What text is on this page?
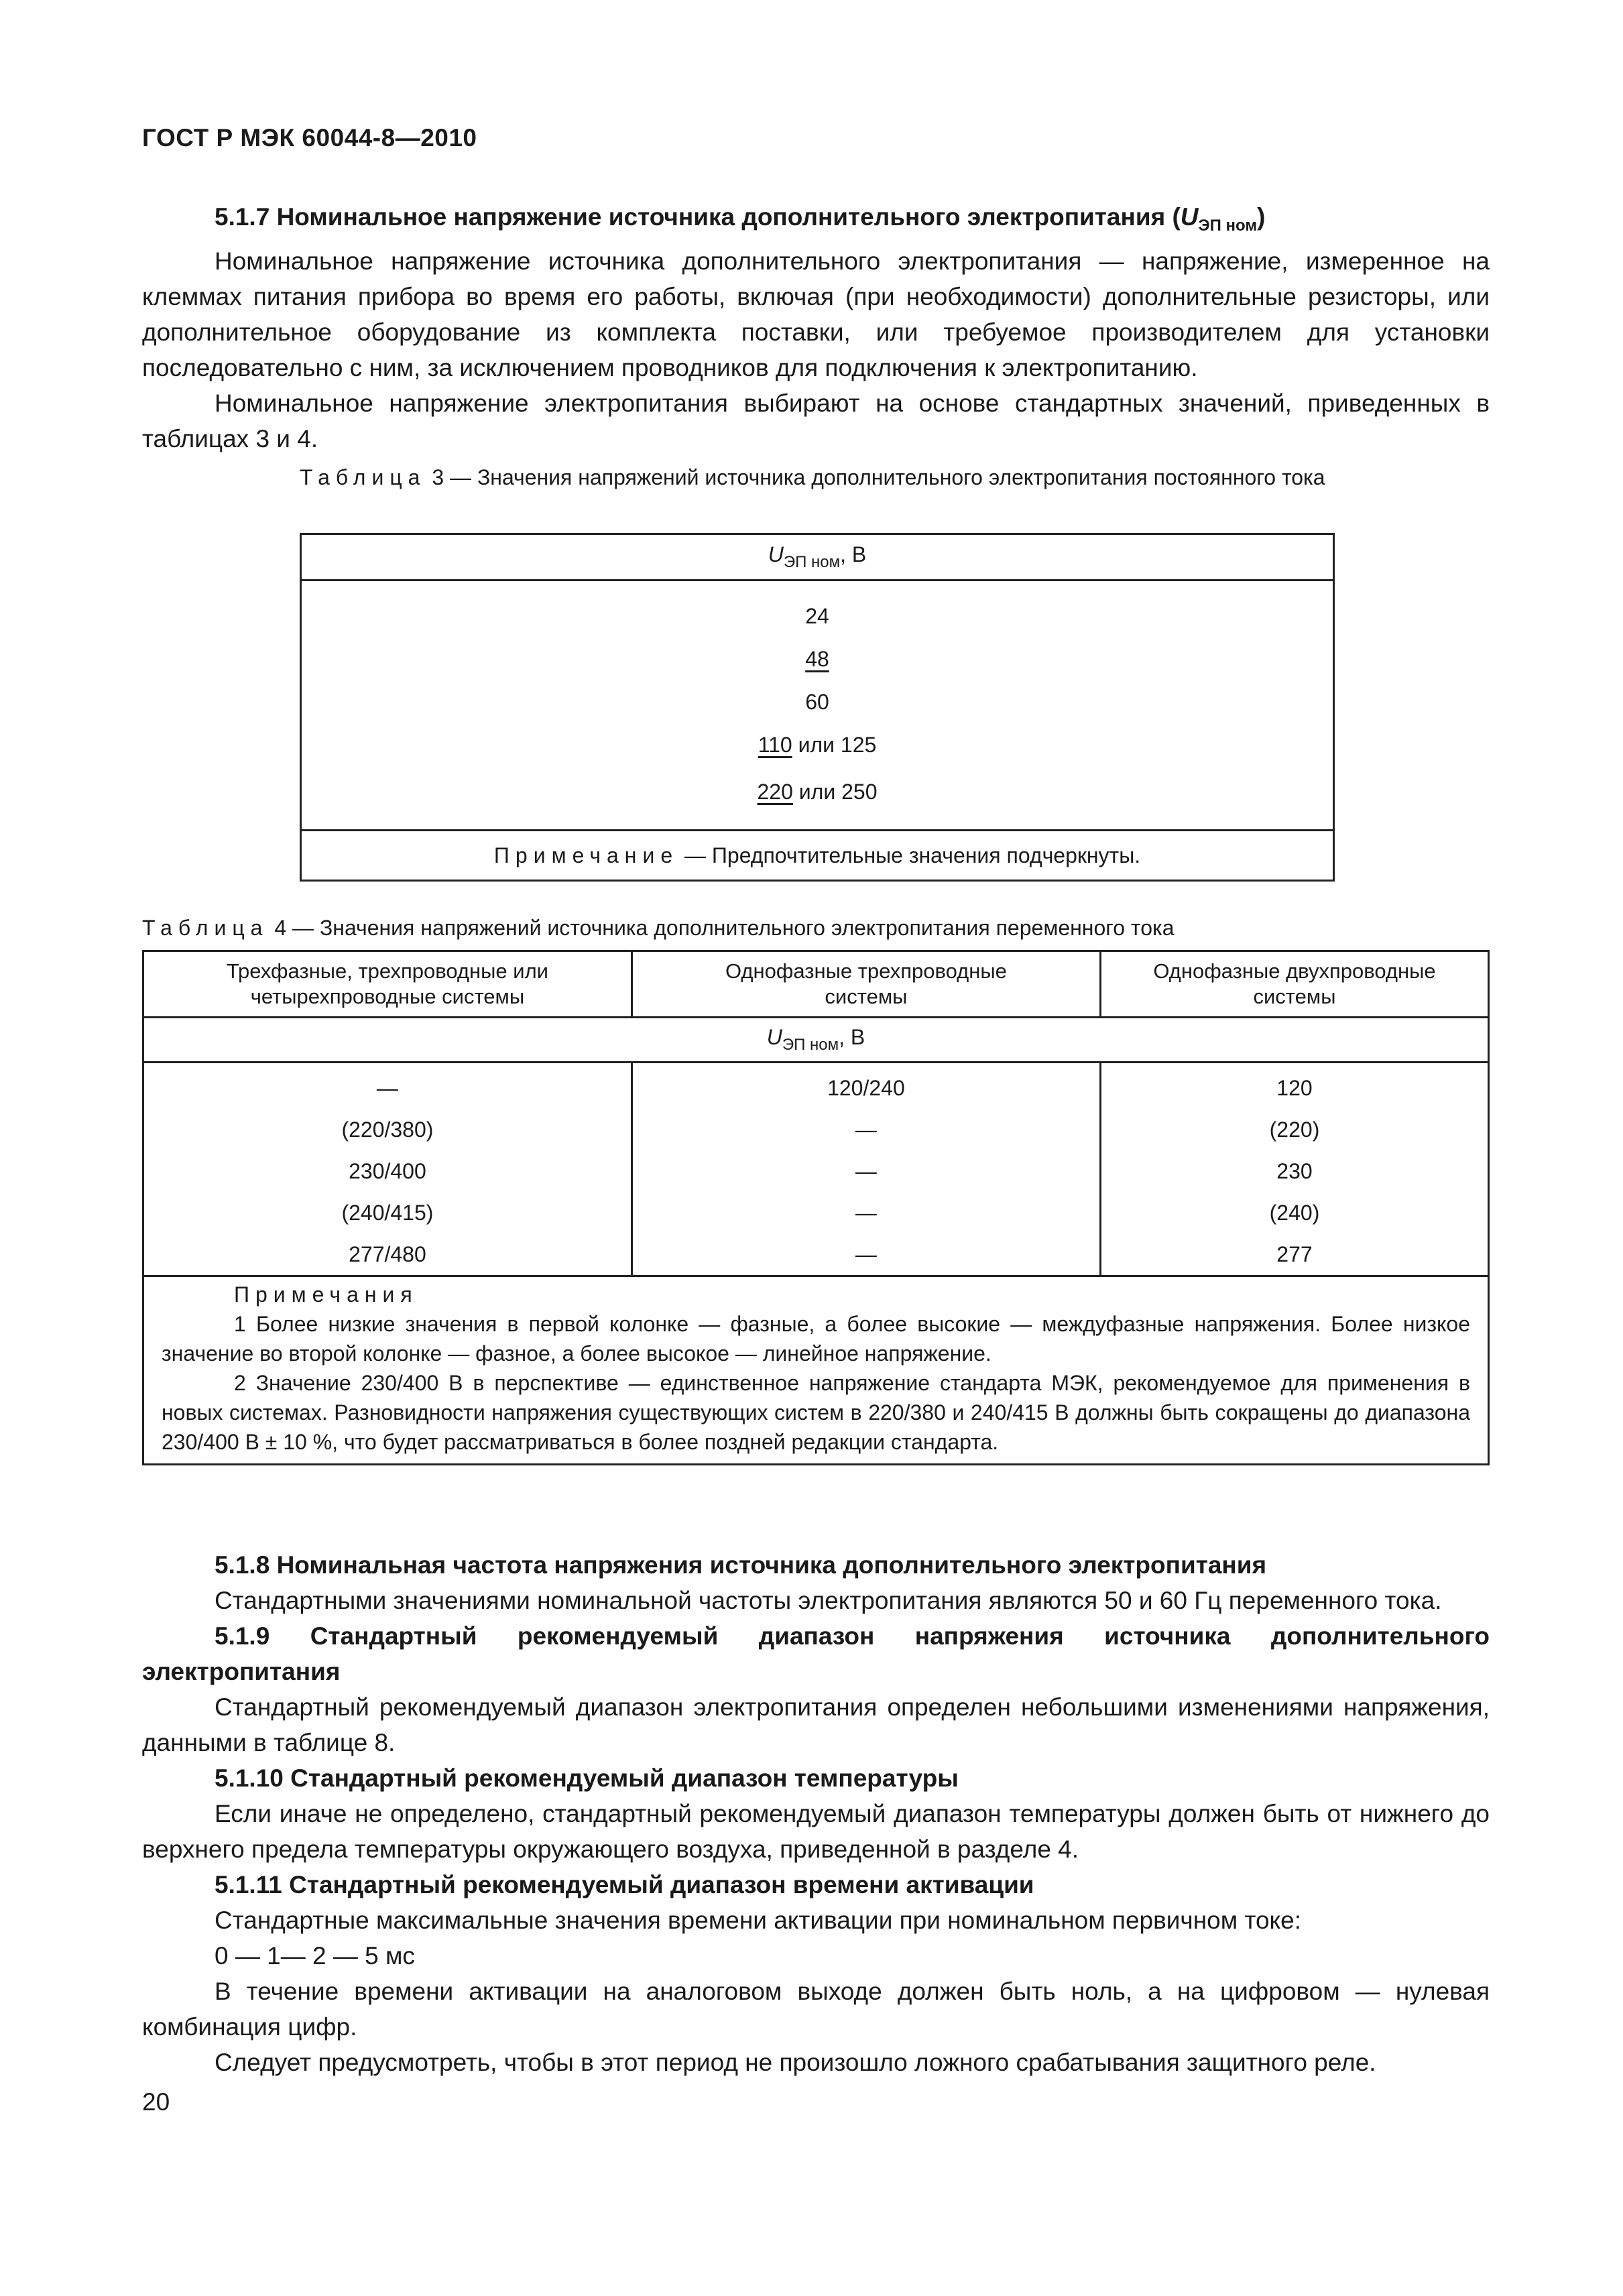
ГОСТ Р МЭК 60044-8—2010

5.1.7 Номинальное напряжение источника дополнительного электропитания $(U_{ЭП ном})$

Номинальное напряжение источника дополнительного электропитания — напряжение, измеренное на клеммах питания прибора во время его работы, включая (при необходимости) дополнительные резисторы, или дополнительное оборудование из комплекта поставки, или требуемое производителем для установки последовательно с ним, за исключением проводников для подключения к электропитанию.

Номинальное напряжение электропитания выбирают на основе стандартных значений, приведенных в таблицах 3 и 4.

Таблица 3 — Значения напряжений источника дополнительного электропитания постоянного тока
$U_{ЭП ном}$, В

24
48
60
110 или 125
220 или 250

Примечание — Предпочтительные значения подчеркнуты.
Таблица 4 — Значения напряжений источника дополнительного электропитания переменного тока
Трехфазные, трехпроводные или четырехпроводные системы	Однофазные трехпроводные системы	Однофазные двухпроводные системы
$U_{ЭП ном}$, В		
—	120/240	120
(220/380)	—	(220)
230/400	—	230
(240/415)	—	(240)
277/480	—	277

Примечания
1 Более низкие значения в первой колонке — фазные, а более высокие — междуфазные напряжения. Более низкое значение во второй колонке — фазное, а более высокое — линейное напряжение.
2 Значение 230/400 В в перспективе — единственное напряжение стандарта МЭК, рекомендуемое для применения в новых системах. Разновидности напряжения существующих систем в 220/380 и 240/415 В должны быть сокращены до диапазона 230/400 В ± 10 %, что будет рассматриваться в более поздней редакции стандарта.		

5.1.8 Номинальная частота напряжения источника дополнительного электропитания

Стандартными значениями номинальной частоты электропитания являются 50 и 60 Гц переменного тока.

5.1.9 Стандартный рекомендуемый диапазон напряжения источника дополнительного электропитания

Стандартный рекомендуемый диапазон электропитания определен небольшими изменениями напряжения, данными в таблице 8.

5.1.10 Стандартный рекомендуемый диапазон температуры

Если иначе не определено, стандартный рекомендуемый диапазон температуры должен быть от нижнего до верхнего предела температуры окружающего воздуха, приведенной в разделе 4.

5.1.11 Стандартный рекомендуемый диапазон времени активации

Стандартные максимальные значения времени активации при номинальном первичном токе:

0 — 1— 2 — 5 мс

В течение времени активации на аналоговом выходе должен быть ноль, а на цифровом — нулевая комбинация цифр.

Следует предусмотреть, чтобы в этот период не произошло ложного срабатывания защитного реле.

20
